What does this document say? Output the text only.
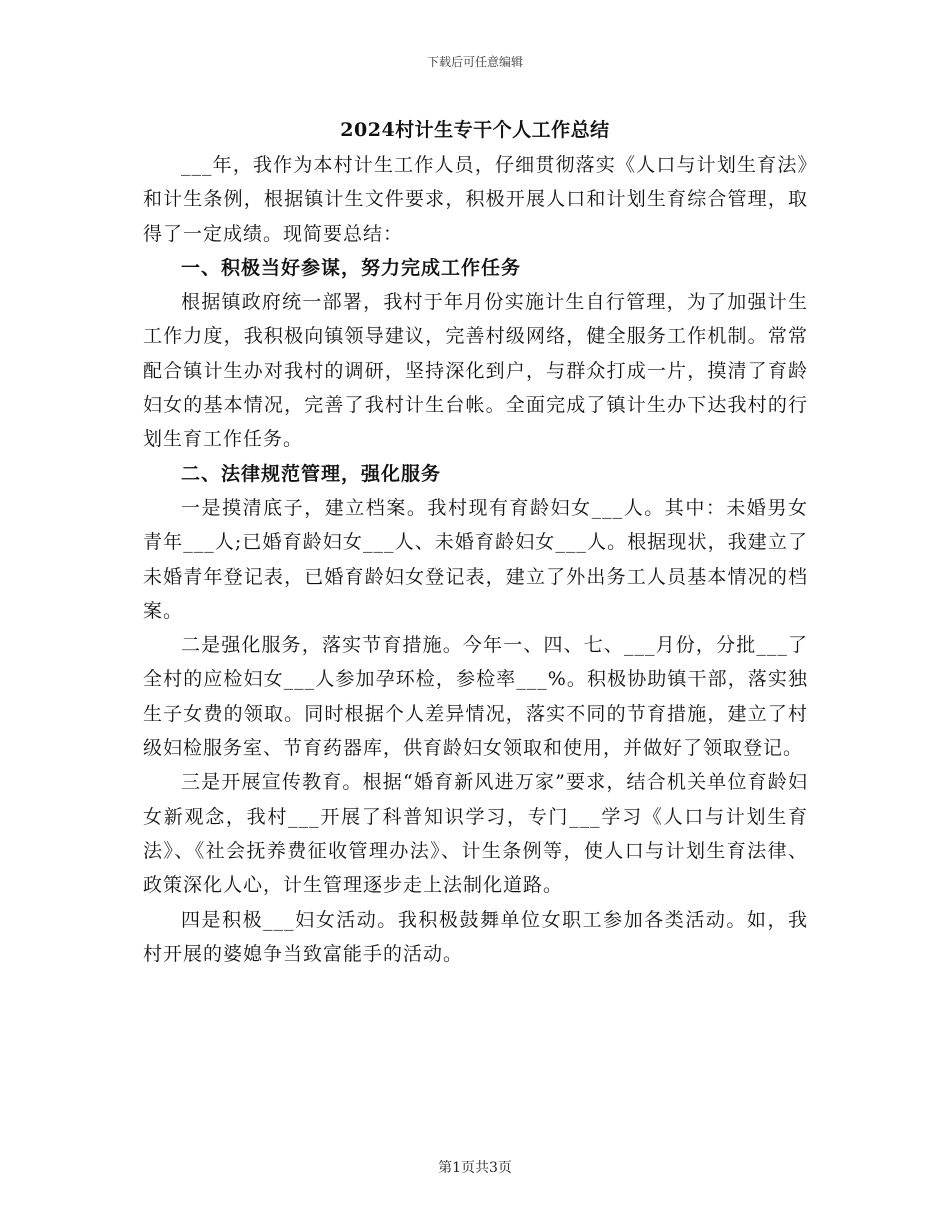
下载后可任意编辑
2024村计生专干个人工作总结

___年，我作为本村计生工作人员，仔细贯彻落实《人口与计划生育法》和计生条例，根据镇计生文件要求，积极开展人口和计划生育综合管理，取得了一定成绩。现简要总结：

一、积极当好参谋，努力完成工作任务

根据镇政府统一部署，我村于年月份实施计生自行管理，为了加强计生工作力度，我积极向镇领导建议，完善村级网络，健全服务工作机制。常常配合镇计生办对我村的调研，坚持深化到户，与群众打成一片，摸清了育龄妇女的基本情况，完善了我村计生台帐。全面完成了镇计生办下达我村的行划生育工作任务。

二、法律规范管理，强化服务

一是摸清底子，建立档案。我村现有育龄妇女___人。其中：未婚男女青年___人;已婚育龄妇女___人、未婚育龄妇女___人。根据现状，我建立了未婚青年登记表，已婚育龄妇女登记表，建立了外出务工人员基本情况的档案。

二是强化服务，落实节育措施。今年一、四、七、___月份，分批___了全村的应检妇女___人参加孕环检，参检率___%。积极协助镇干部，落实独生子女费的领取。同时根据个人差异情况，落实不同的节育措施，建立了村级妇检服务室、节育药器库，供育龄妇女领取和使用，并做好了领取登记。

三是开展宣传教育。根据“婚育新风进万家”要求，结合机关单位育龄妇女新观念，我村___开展了科普知识学习，专门___学习《人口与计划生育法》、《社会抚养费征收管理办法》、计生条例等，使人口与计划生育法律、政策深化人心，计生管理逐步走上法制化道路。

四是积极___妇女活动。我积极鼓舞单位女职工参加各类活动。如，我村开展的婆媳争当致富能手的活动。

第1页共3页
